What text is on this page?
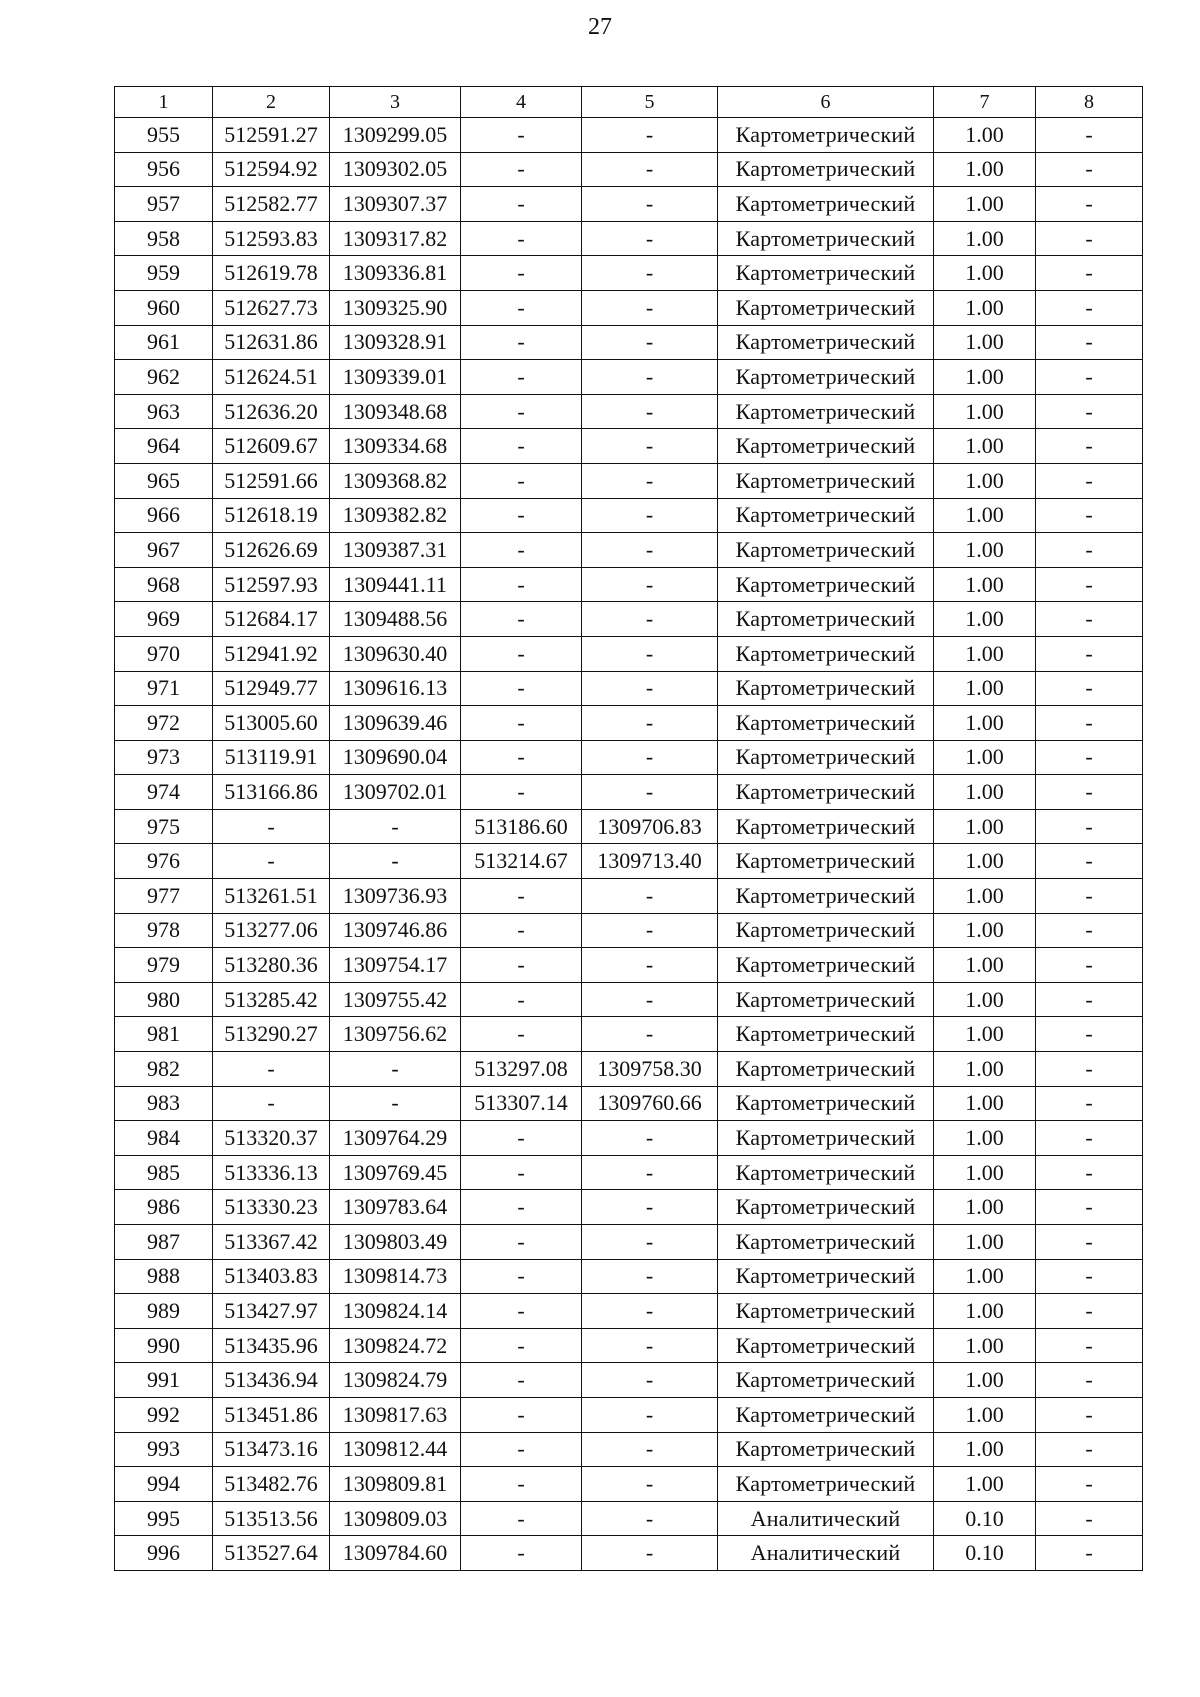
27
1	2	3	4	5	6	7	8
955	512591.27	1309299.05	-	-	Картометрический	1.00	-
956	512594.92	1309302.05	-	-	Картометрический	1.00	-
957	512582.77	1309307.37	-	-	Картометрический	1.00	-
958	512593.83	1309317.82	-	-	Картометрический	1.00	-
959	512619.78	1309336.81	-	-	Картометрический	1.00	-
960	512627.73	1309325.90	-	-	Картометрический	1.00	-
961	512631.86	1309328.91	-	-	Картометрический	1.00	-
962	512624.51	1309339.01	-	-	Картометрический	1.00	-
963	512636.20	1309348.68	-	-	Картометрический	1.00	-
964	512609.67	1309334.68	-	-	Картометрический	1.00	-
965	512591.66	1309368.82	-	-	Картометрический	1.00	-
966	512618.19	1309382.82	-	-	Картометрический	1.00	-
967	512626.69	1309387.31	-	-	Картометрический	1.00	-
968	512597.93	1309441.11	-	-	Картометрический	1.00	-
969	512684.17	1309488.56	-	-	Картометрический	1.00	-
970	512941.92	1309630.40	-	-	Картометрический	1.00	-
971	512949.77	1309616.13	-	-	Картометрический	1.00	-
972	513005.60	1309639.46	-	-	Картометрический	1.00	-
973	513119.91	1309690.04	-	-	Картометрический	1.00	-
974	513166.86	1309702.01	-	-	Картометрический	1.00	-
975	-	-	513186.60	1309706.83	Картометрический	1.00	-
976	-	-	513214.67	1309713.40	Картометрический	1.00	-
977	513261.51	1309736.93	-	-	Картометрический	1.00	-
978	513277.06	1309746.86	-	-	Картометрический	1.00	-
979	513280.36	1309754.17	-	-	Картометрический	1.00	-
980	513285.42	1309755.42	-	-	Картометрический	1.00	-
981	513290.27	1309756.62	-	-	Картометрический	1.00	-
982	-	-	513297.08	1309758.30	Картометрический	1.00	-
983	-	-	513307.14	1309760.66	Картометрический	1.00	-
984	513320.37	1309764.29	-	-	Картометрический	1.00	-
985	513336.13	1309769.45	-	-	Картометрический	1.00	-
986	513330.23	1309783.64	-	-	Картометрический	1.00	-
987	513367.42	1309803.49	-	-	Картометрический	1.00	-
988	513403.83	1309814.73	-	-	Картометрический	1.00	-
989	513427.97	1309824.14	-	-	Картометрический	1.00	-
990	513435.96	1309824.72	-	-	Картометрический	1.00	-
991	513436.94	1309824.79	-	-	Картометрический	1.00	-
992	513451.86	1309817.63	-	-	Картометрический	1.00	-
993	513473.16	1309812.44	-	-	Картометрический	1.00	-
994	513482.76	1309809.81	-	-	Картометрический	1.00	-
995	513513.56	1309809.03	-	-	Аналитический	0.10	-
996	513527.64	1309784.60	-	-	Аналитический	0.10	-
